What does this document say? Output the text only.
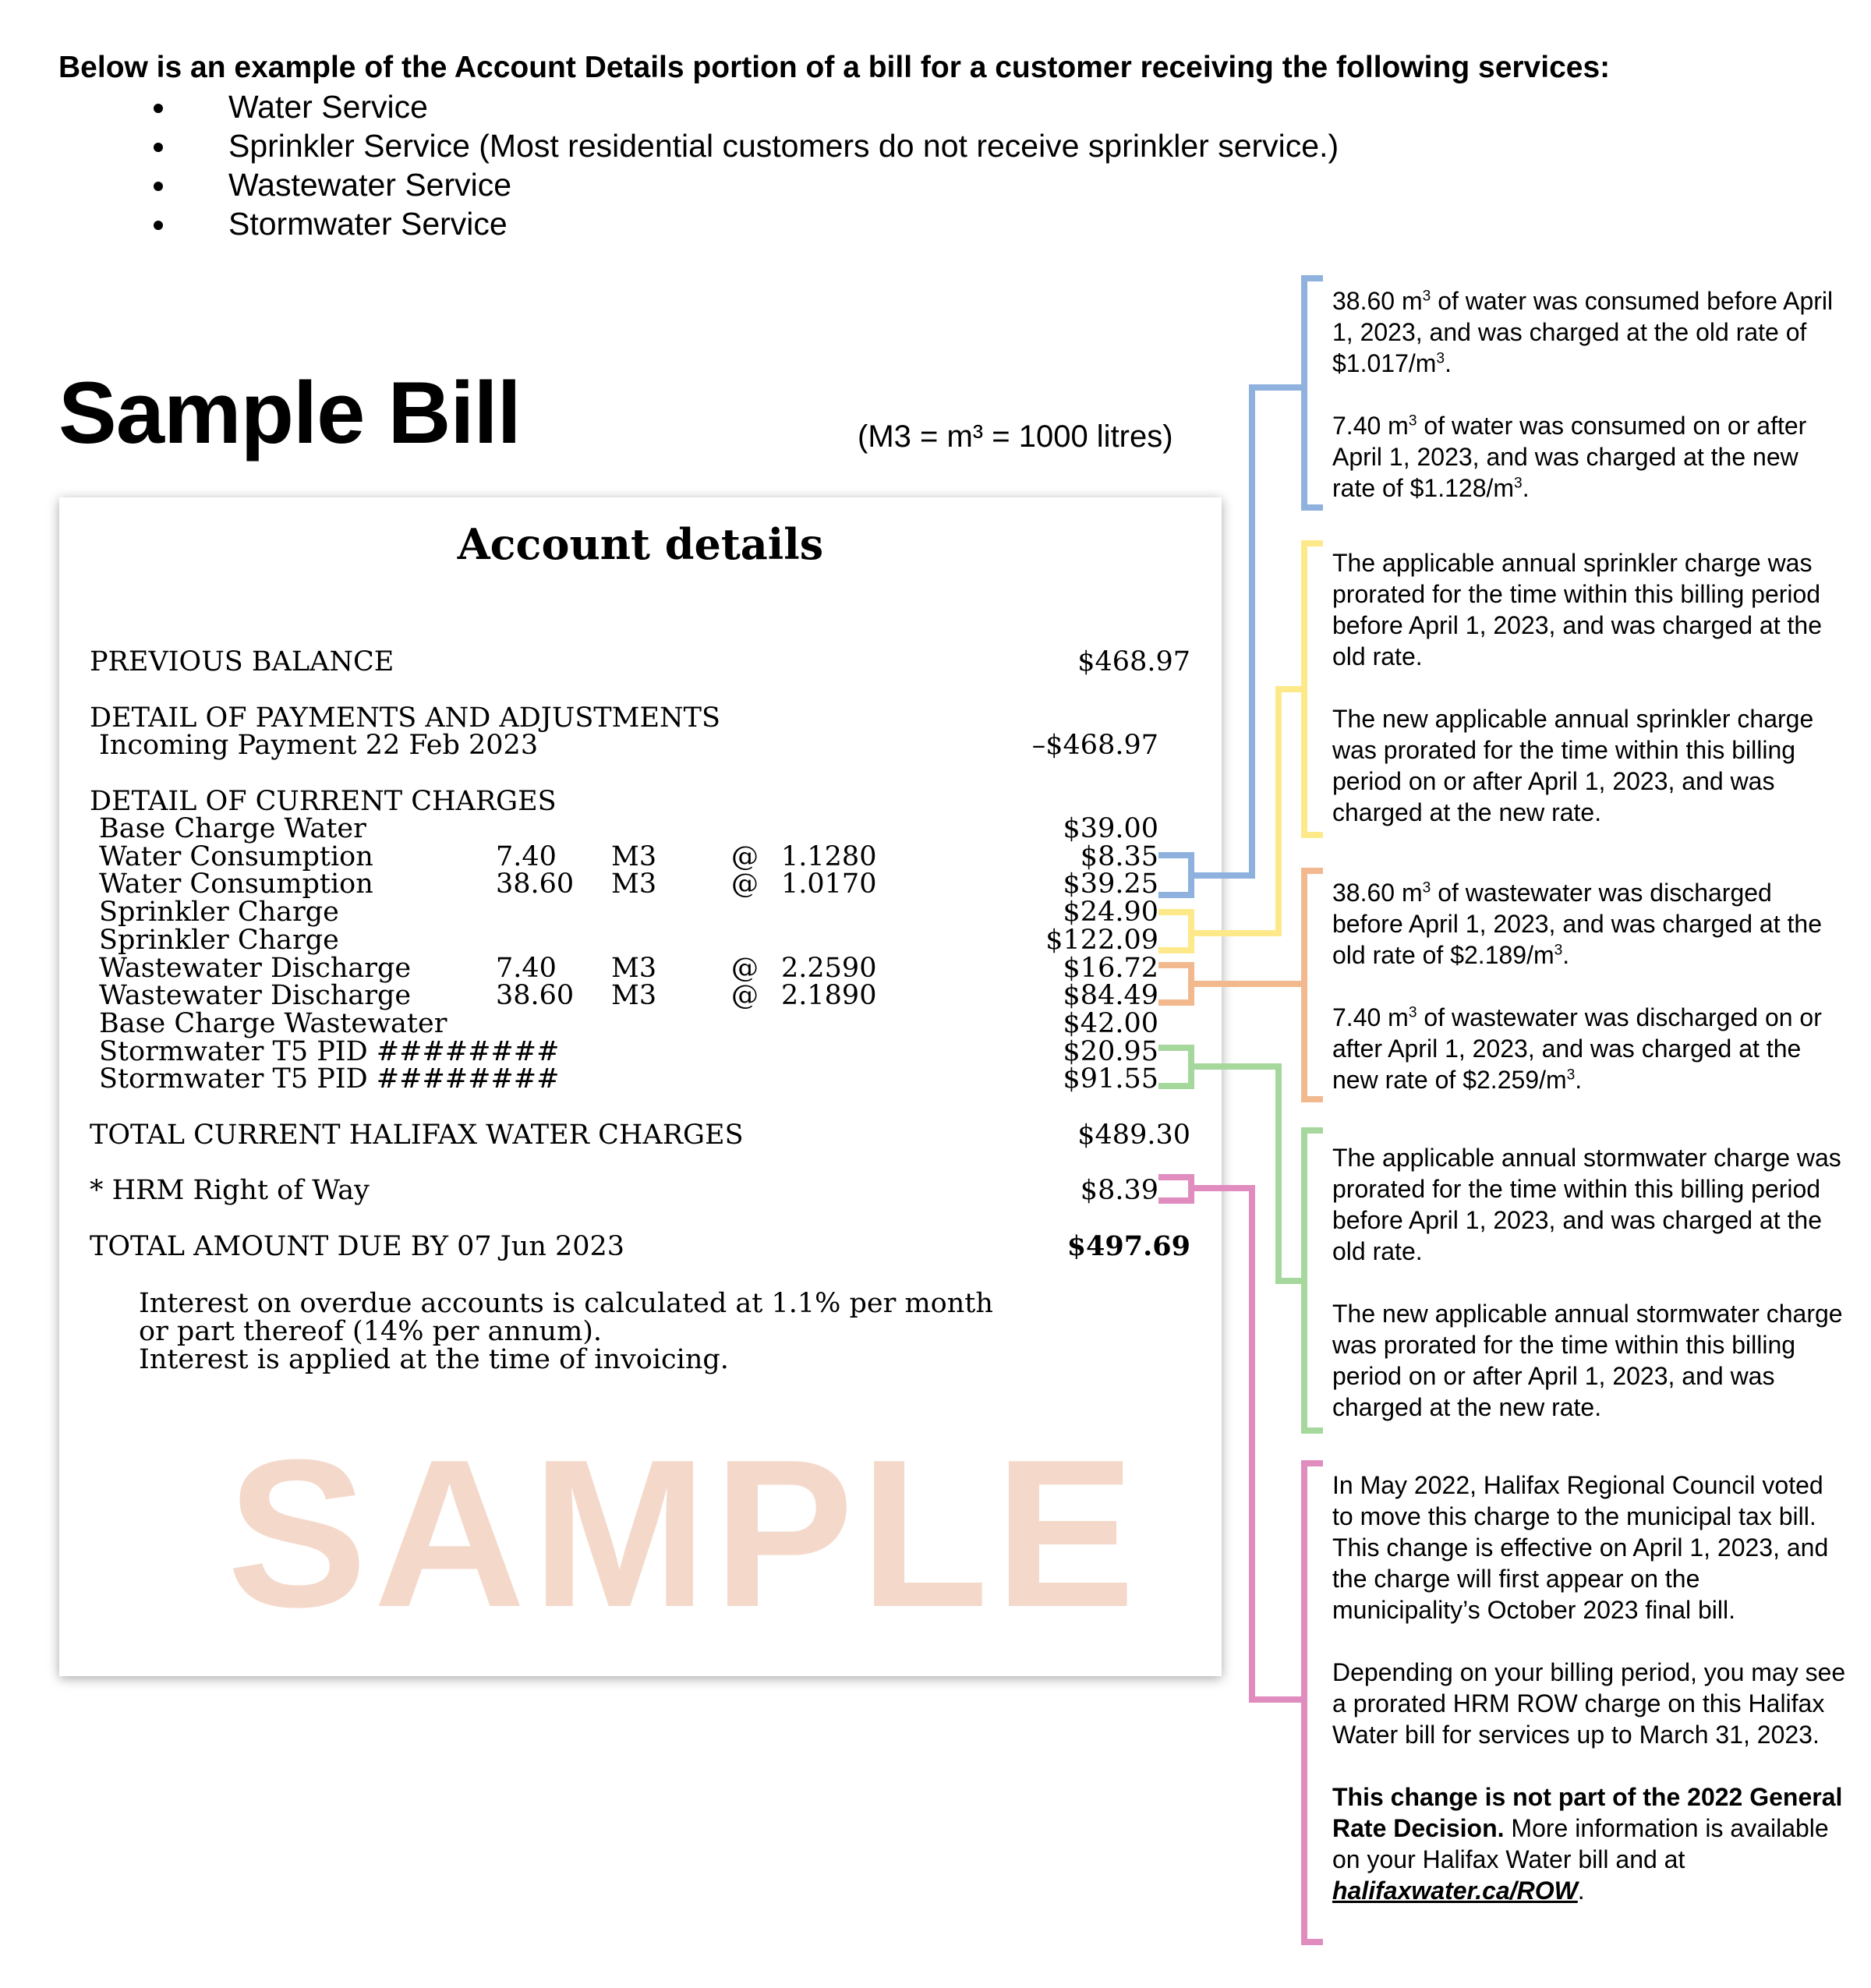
Below is an example of the Account Details portion of a bill for a customer receiving the following services:
• Water Service
• Sprinkler Service (Most residential customers do not receive sprinkler service.)
• Wastewater Service
• Stormwater Service
Sample Bill	(M3 = m³ = 1000 litres)
SAMPLE
Account details
PREVIOUS BALANCE	$468.97
DETAIL OF PAYMENTS AND ADJUSTMENTS
Incoming Payment 22 Feb 2023	–$468.97
DETAIL OF CURRENT CHARGES
Base Charge Water	$39.00
Water Consumption	7.40 M3	@ 1.1280	$8.35
Water Consumption	38.60 M3	@ 1.0170	$39.25
Sprinkler Charge	$24.90
Sprinkler Charge	$122.09
Wastewater Discharge	7.40 M3	@ 2.2590	$16.72
Wastewater Discharge	38.60 M3	@ 2.1890	$84.49
Base Charge Wastewater	$42.00
Stormwater T5 PID ########	$20.95
Stormwater T5 PID ########	$91.55
TOTAL CURRENT HALIFAX WATER CHARGES	$489.30
* HRM Right of Way	$8.39
TOTAL AMOUNT DUE BY 07 Jun 2023	$497.69
Interest on overdue accounts is calculated at 1.1% per month
or part thereof (14% per annum).
Interest is applied at the time of invoicing.

38.60 $m^3$ of water was consumed before April 1, 2023, and was charged at the old rate of $\$1.017/m^3$.

7.40 $m^3$ of water was consumed on or after April 1, 2023, and was charged at the new rate of $\$1.128/m^3$.

The applicable annual sprinkler charge was prorated for the time within this billing period before April 1, 2023, and was charged at the old rate.

The new applicable annual sprinkler charge was prorated for the time within this billing period on or after April 1, 2023, and was charged at the new rate.

38.60 $m^3$ of wastewater was discharged before April 1, 2023, and was charged at the old rate of $\$2.189/m^3$.

7.40 $m^3$ of wastewater was discharged on or after April 1, 2023, and was charged at the new rate of $\$2.259/m^3$.

The applicable annual stormwater charge was prorated for the time within this billing period before April 1, 2023, and was charged at the old rate.

The new applicable annual stormwater charge was prorated for the time within this billing period on or after April 1, 2023, and was charged at the new rate.

In May 2022, Halifax Regional Council voted to move this charge to the municipal tax bill. This change is effective on April 1, 2023, and the charge will first appear on the municipality’s October 2023 final bill.

Depending on your billing period, you may see a prorated HRM ROW charge on this Halifax Water bill for services up to March 31, 2023.

This change is not part of the 2022 General Rate Decision. More information is available on your Halifax Water bill and at halifaxwater.ca/ROW.
